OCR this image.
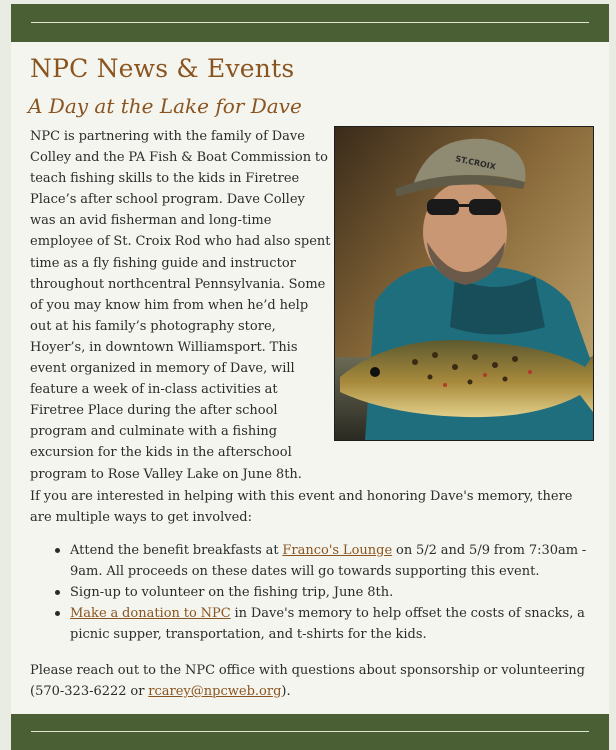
NPC News & Events
A Day at the Lake for Dave
NPC is partnering with the family of Dave Colley and the PA Fish & Boat Commission to teach fishing skills to the kids in Firetree Place’s after school program. Dave Colley was an avid fisherman and long-time employee of St. Croix Rod who had also spent time as a fly fishing guide and instructor throughout northcentral Pennsylvania. Some of you may know him from when he’d help out at his family’s photography store, Hoyer’s, in downtown Williamsport. This event organized in memory of Dave, will feature a week of in-class activities at Firetree Place during the after school program and culminate with a fishing excursion for the kids in the afterschool program to Rose Valley Lake on June 8th.
ST.CROIX
If you are interested in helping with this event and honoring Dave's memory, there are multiple ways to get involved:
Attend the benefit breakfasts at Franco's Lounge on 5/2 and 5/9 from 7:30am - 9am. All proceeds on these dates will go towards supporting this event.
Sign-up to volunteer on the fishing trip, June 8th.
Make a donation to NPC in Dave's memory to help offset the costs of snacks, a picnic supper, transportation, and t-shirts for the kids.
Please reach out to the NPC office with questions about sponsorship or volunteering (570-323-6222 or rcarey@npcweb.org).
